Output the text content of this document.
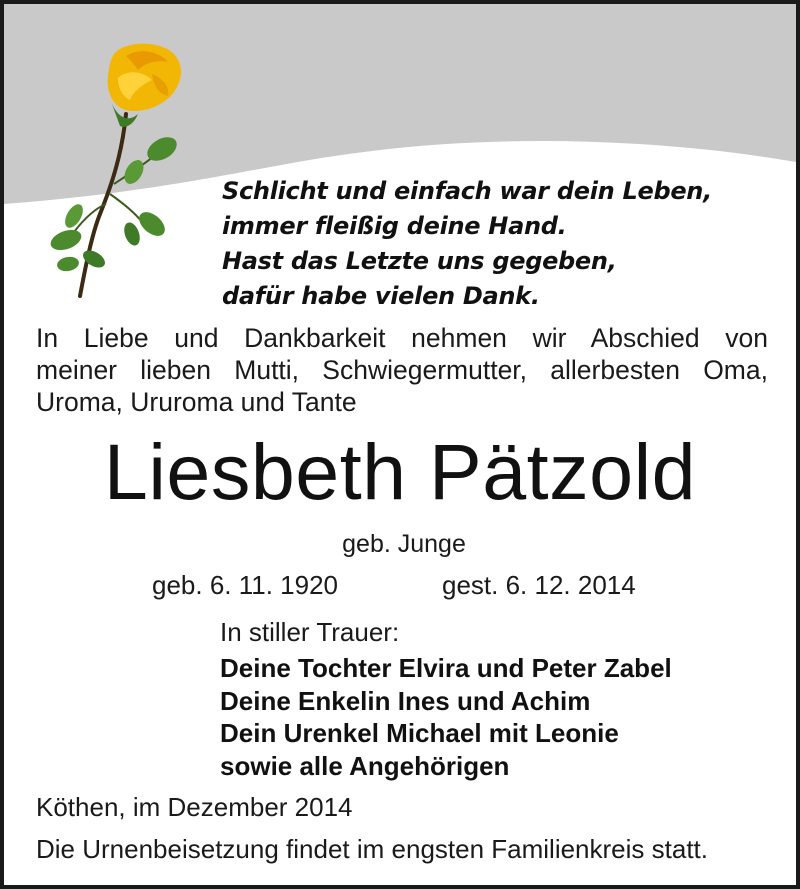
Schlicht und einfach war dein Leben,
immer fleißig deine Hand.
Hast das Letzte uns gegeben,
dafür habe vielen Dank.
In Liebe und Dankbarkeit nehmen wir Abschied von
meiner lieben Mutti, Schwiegermutter, allerbesten Oma,
Uroma, Ururoma und Tante
Liesbeth Pätzold
geb. Junge
geb. 6. 11. 1920	gest. 6. 12. 2014
In stiller Trauer:
Deine Tochter Elvira und Peter Zabel
Deine Enkelin Ines und Achim
Dein Urenkel Michael mit Leonie
sowie alle Angehörigen
Köthen, im Dezember 2014
Die Urnenbeisetzung findet im engsten Familienkreis statt.
